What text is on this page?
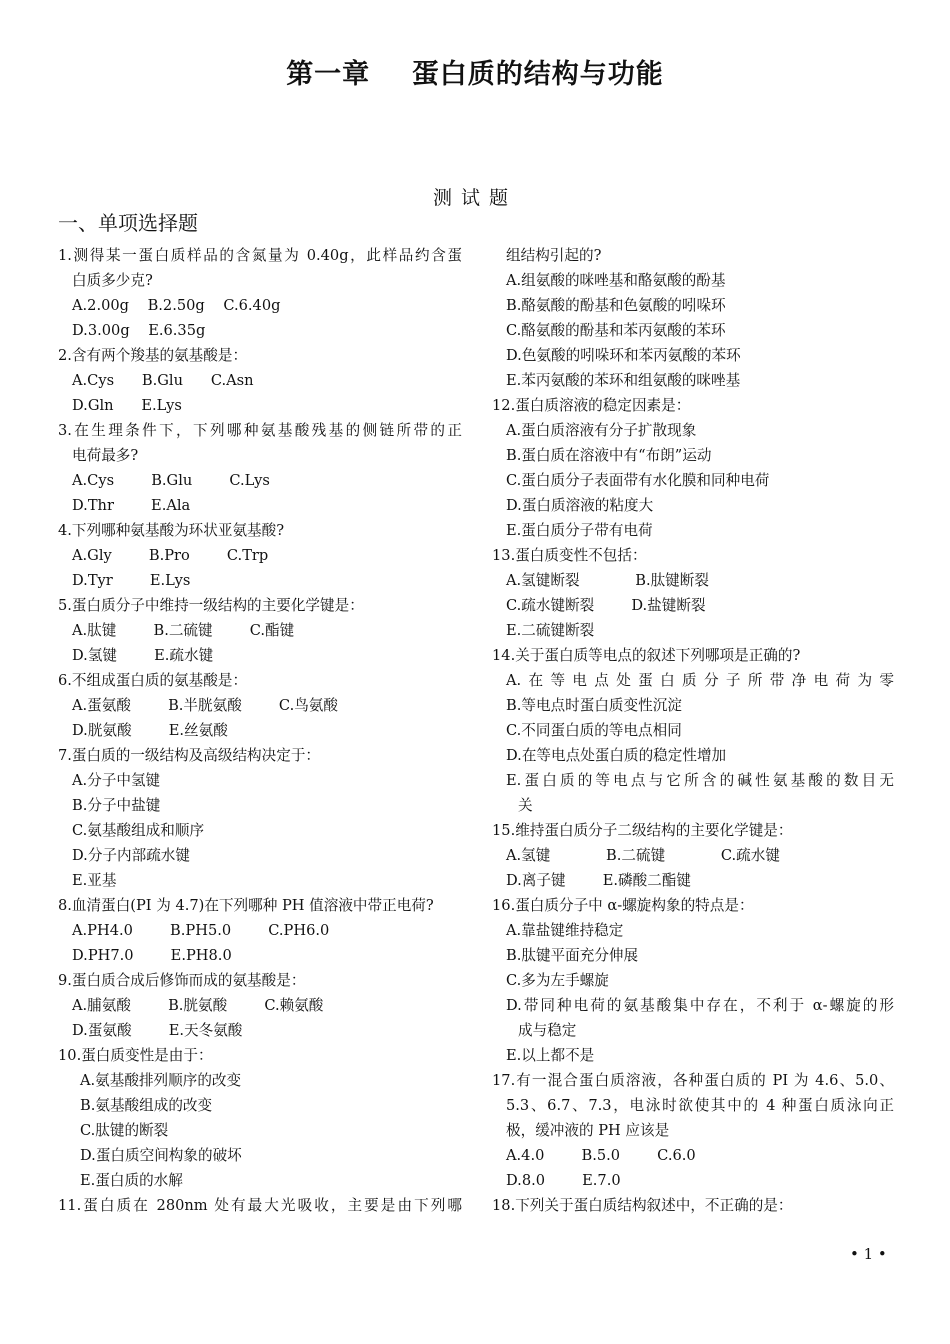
第一章    蛋白质的结构与功能
测试题
一、单项选择题
1.测得某一蛋白质样品的含氮量为 0.40g，此样品约含蛋
白质多少克?
A.2.00g    B.2.50g    C.6.40g
D.3.00g    E.6.35g
2.含有两个羧基的氨基酸是：
A.Cys      B.Glu      C.Asn
D.Gln      E.Lys
3.在生理条件下，下列哪种氨基酸残基的侧链所带的正
电荷最多?
A.Cys        B.Glu        C.Lys
D.Thr        E.Ala
4.下列哪种氨基酸为环状亚氨基酸?
A.Gly        B.Pro        C.Trp
D.Tyr        E.Lys
5.蛋白质分子中维持一级结构的主要化学键是：
A.肽键        B.二硫键        C.酯键
D.氢键        E.疏水键
6.不组成蛋白质的氨基酸是：
A.蛋氨酸        B.半胱氨酸        C.鸟氨酸
D.胱氨酸        E.丝氨酸
7.蛋白质的一级结构及高级结构决定于：
A.分子中氢键
B.分子中盐键
C.氨基酸组成和顺序
D.分子内部疏水键
E.亚基
8.血清蛋白(PI 为 4.7)在下列哪种 PH 值溶液中带正电荷?
A.PH4.0        B.PH5.0        C.PH6.0
D.PH7.0        E.PH8.0
9.蛋白质合成后修饰而成的氨基酸是：
A.脯氨酸        B.胱氨酸        C.赖氨酸
D.蛋氨酸        E.天冬氨酸
10.蛋白质变性是由于：
A.氨基酸排列顺序的改变
B.氨基酸组成的改变
C.肽键的断裂
D.蛋白质空间构象的破坏
E.蛋白质的水解
11.蛋白质在 280nm 处有最大光吸收，主要是由下列哪
组结构引起的?
A.组氨酸的咪唑基和酪氨酸的酚基
B.酪氨酸的酚基和色氨酸的吲哚环
C.酪氨酸的酚基和苯丙氨酸的苯环
D.色氨酸的吲哚环和苯丙氨酸的苯环
E.苯丙氨酸的苯环和组氨酸的咪唑基
12.蛋白质溶液的稳定因素是：
A.蛋白质溶液有分子扩散现象
B.蛋白质在溶液中有“布朗”运动
C.蛋白质分子表面带有水化膜和同种电荷
D.蛋白质溶液的粘度大
E.蛋白质分子带有电荷
13.蛋白质变性不包括：
A.氢键断裂            B.肽键断裂
C.疏水键断裂        D.盐键断裂
E.二硫键断裂
14.关于蛋白质等电点的叙述下列哪项是正确的?
A.在等电点处蛋白质分子所带净电荷为零
B.等电点时蛋白质变性沉淀
C.不同蛋白质的等电点相同
D.在等电点处蛋白质的稳定性增加
E.蛋白质的等电点与它所含的碱性氨基酸的数目无
关
15.维持蛋白质分子二级结构的主要化学键是：
A.氢键            B.二硫键            C.疏水键
D.离子键        E.磷酸二酯键
16.蛋白质分子中 α-螺旋构象的特点是：
A.靠盐键维持稳定
B.肽键平面充分伸展
C.多为左手螺旋
D.带同种电荷的氨基酸集中存在，不利于 α-螺旋的形
成与稳定
E.以上都不是
17.有一混合蛋白质溶液，各种蛋白质的 PI 为 4.6、5.0、
5.3、6.7、7.3，电泳时欲使其中的 4 种蛋白质泳向正
极，缓冲液的 PH 应该是
A.4.0        B.5.0        C.6.0
D.8.0        E.7.0
18.下列关于蛋白质结构叙述中，不正确的是：
• 1 •
